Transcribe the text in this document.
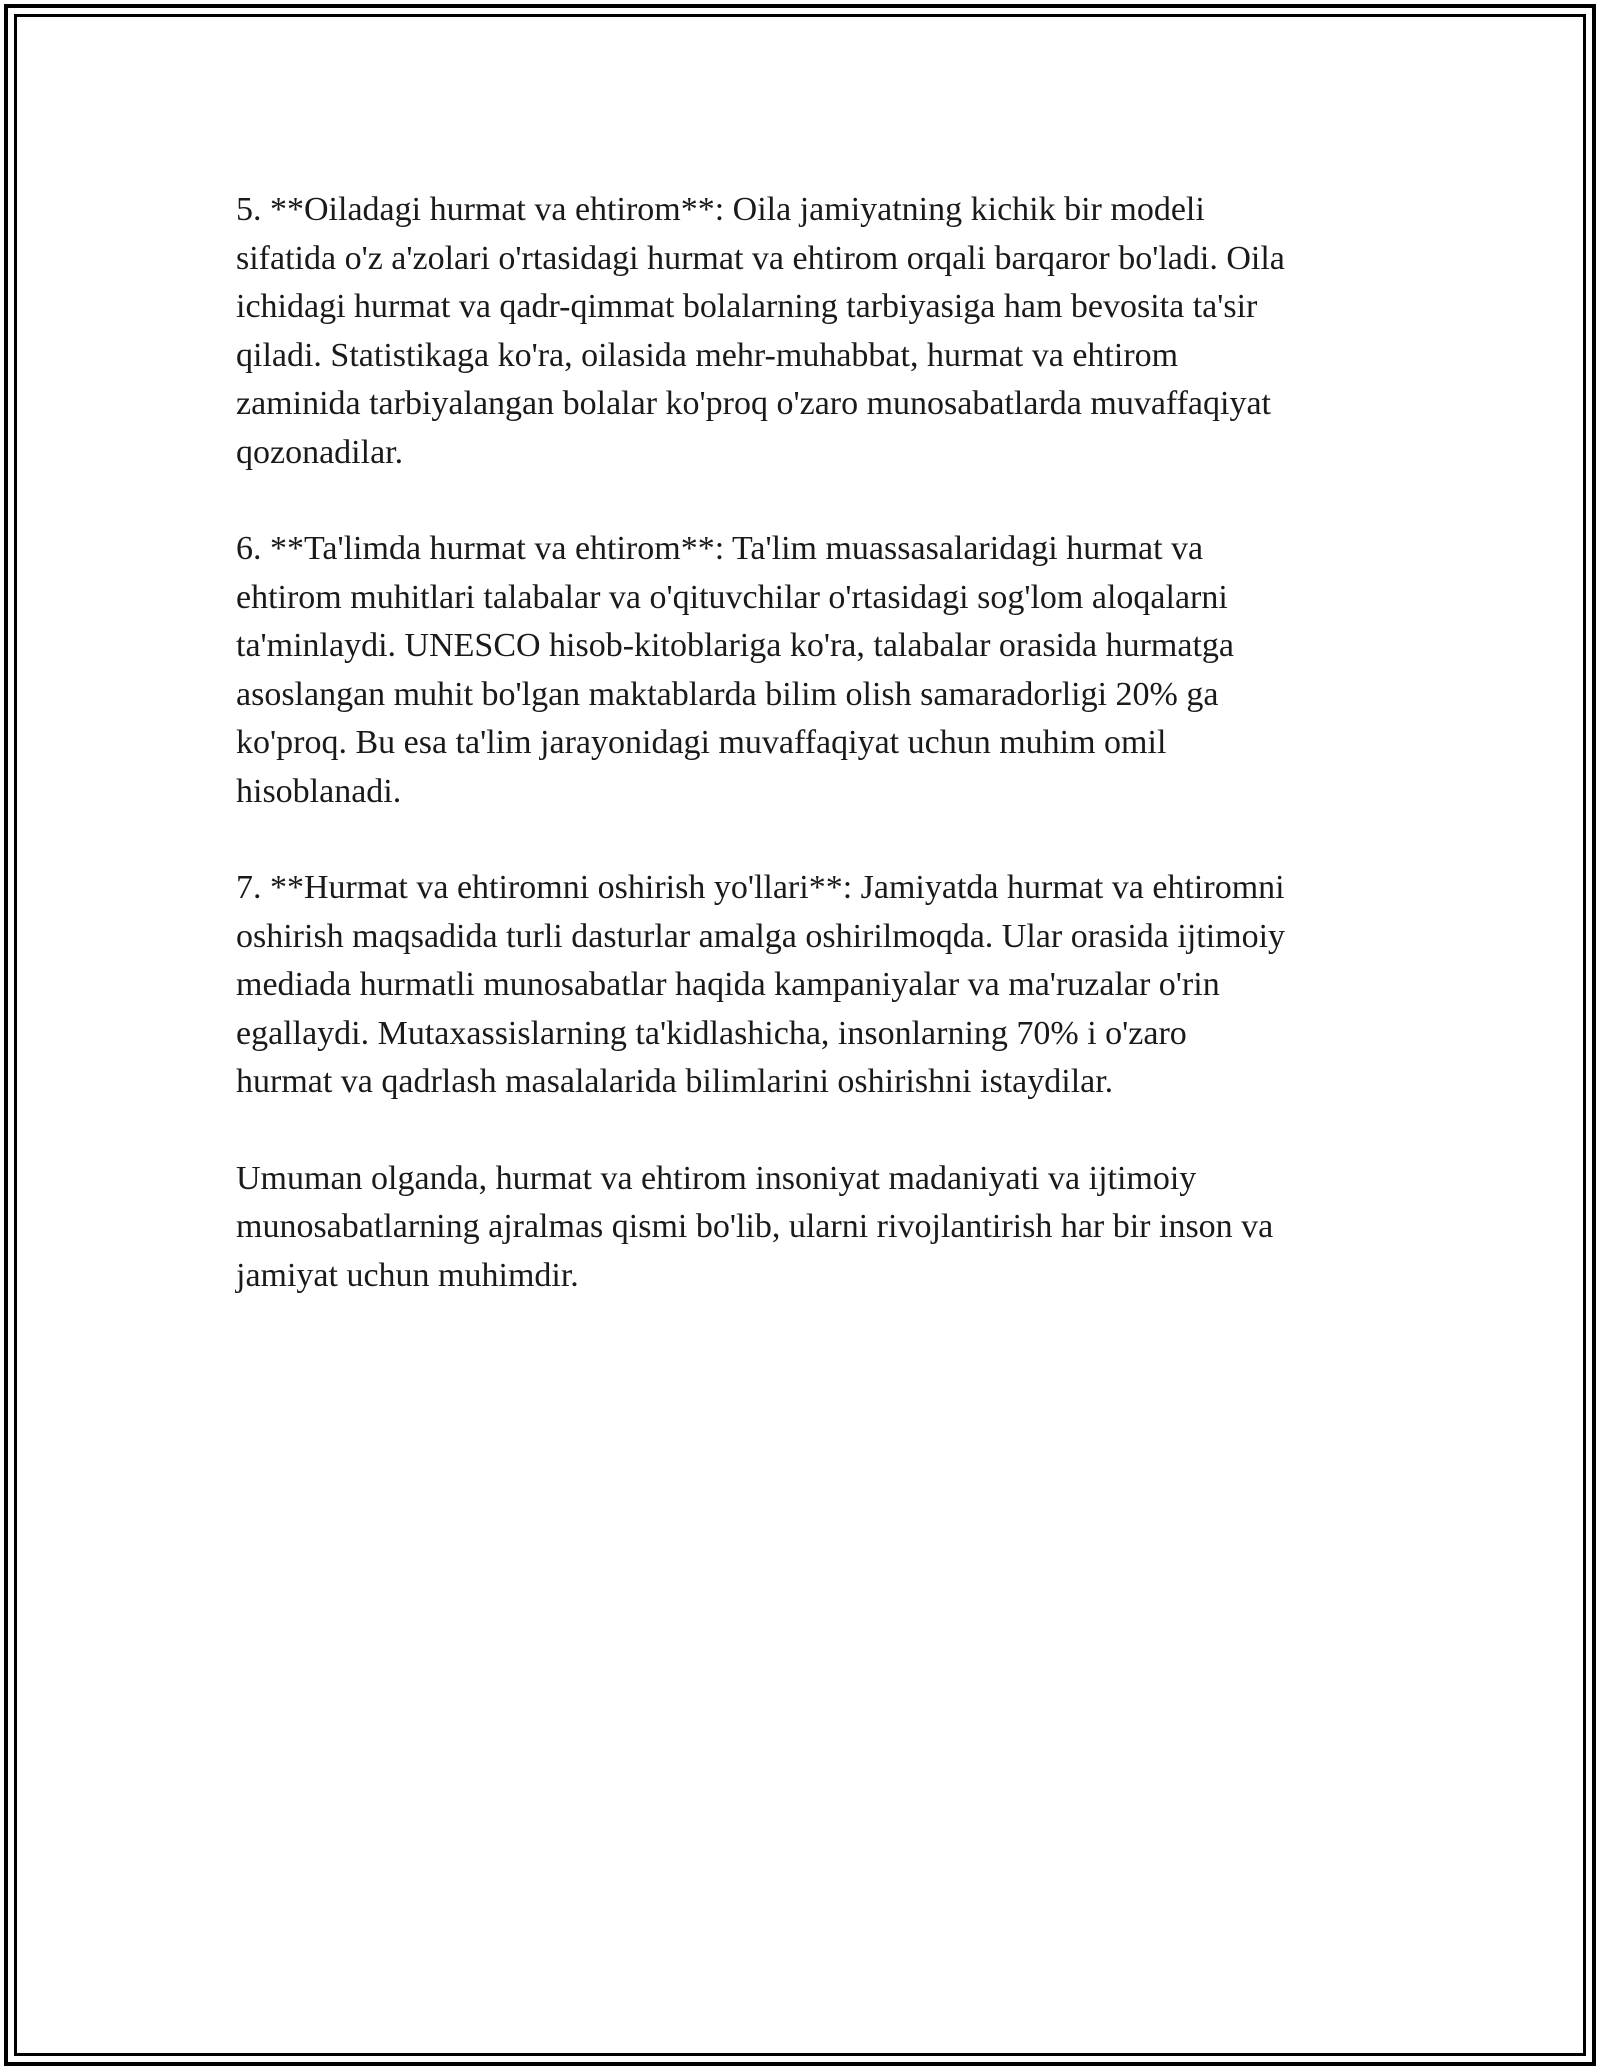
5. **Oiladagi hurmat va ehtirom**: Oila jamiyatning kichik bir modeli
sifatida o'z a'zolari o'rtasidagi hurmat va ehtirom orqali barqaror bo'ladi. Oila
ichidagi hurmat va qadr-qimmat bolalarning tarbiyasiga ham bevosita ta'sir
qiladi. Statistikaga ko'ra, oilasida mehr-muhabbat, hurmat va ehtirom
zaminida tarbiyalangan bolalar ko'proq o'zaro munosabatlarda muvaffaqiyat
qozonadilar.

6. **Ta'limda hurmat va ehtirom**: Ta'lim muassasalaridagi hurmat va
ehtirom muhitlari talabalar va o'qituvchilar o'rtasidagi sog'lom aloqalarni
ta'minlaydi. UNESCO hisob-kitoblariga ko'ra, talabalar orasida hurmatga
asoslangan muhit bo'lgan maktablarda bilim olish samaradorligi 20% ga
ko'proq. Bu esa ta'lim jarayonidagi muvaffaqiyat uchun muhim omil
hisoblanadi.

7. **Hurmat va ehtiromni oshirish yo'llari**: Jamiyatda hurmat va ehtiromni
oshirish maqsadida turli dasturlar amalga oshirilmoqda. Ular orasida ijtimoiy
mediada hurmatli munosabatlar haqida kampaniyalar va ma'ruzalar o'rin
egallaydi. Mutaxassislarning ta'kidlashicha, insonlarning 70% i o'zaro
hurmat va qadrlash masalalarida bilimlarini oshirishni istaydilar.

Umuman olganda, hurmat va ehtirom insoniyat madaniyati va ijtimoiy
munosabatlarning ajralmas qismi bo'lib, ularni rivojlantirish har bir inson va
jamiyat uchun muhimdir.
